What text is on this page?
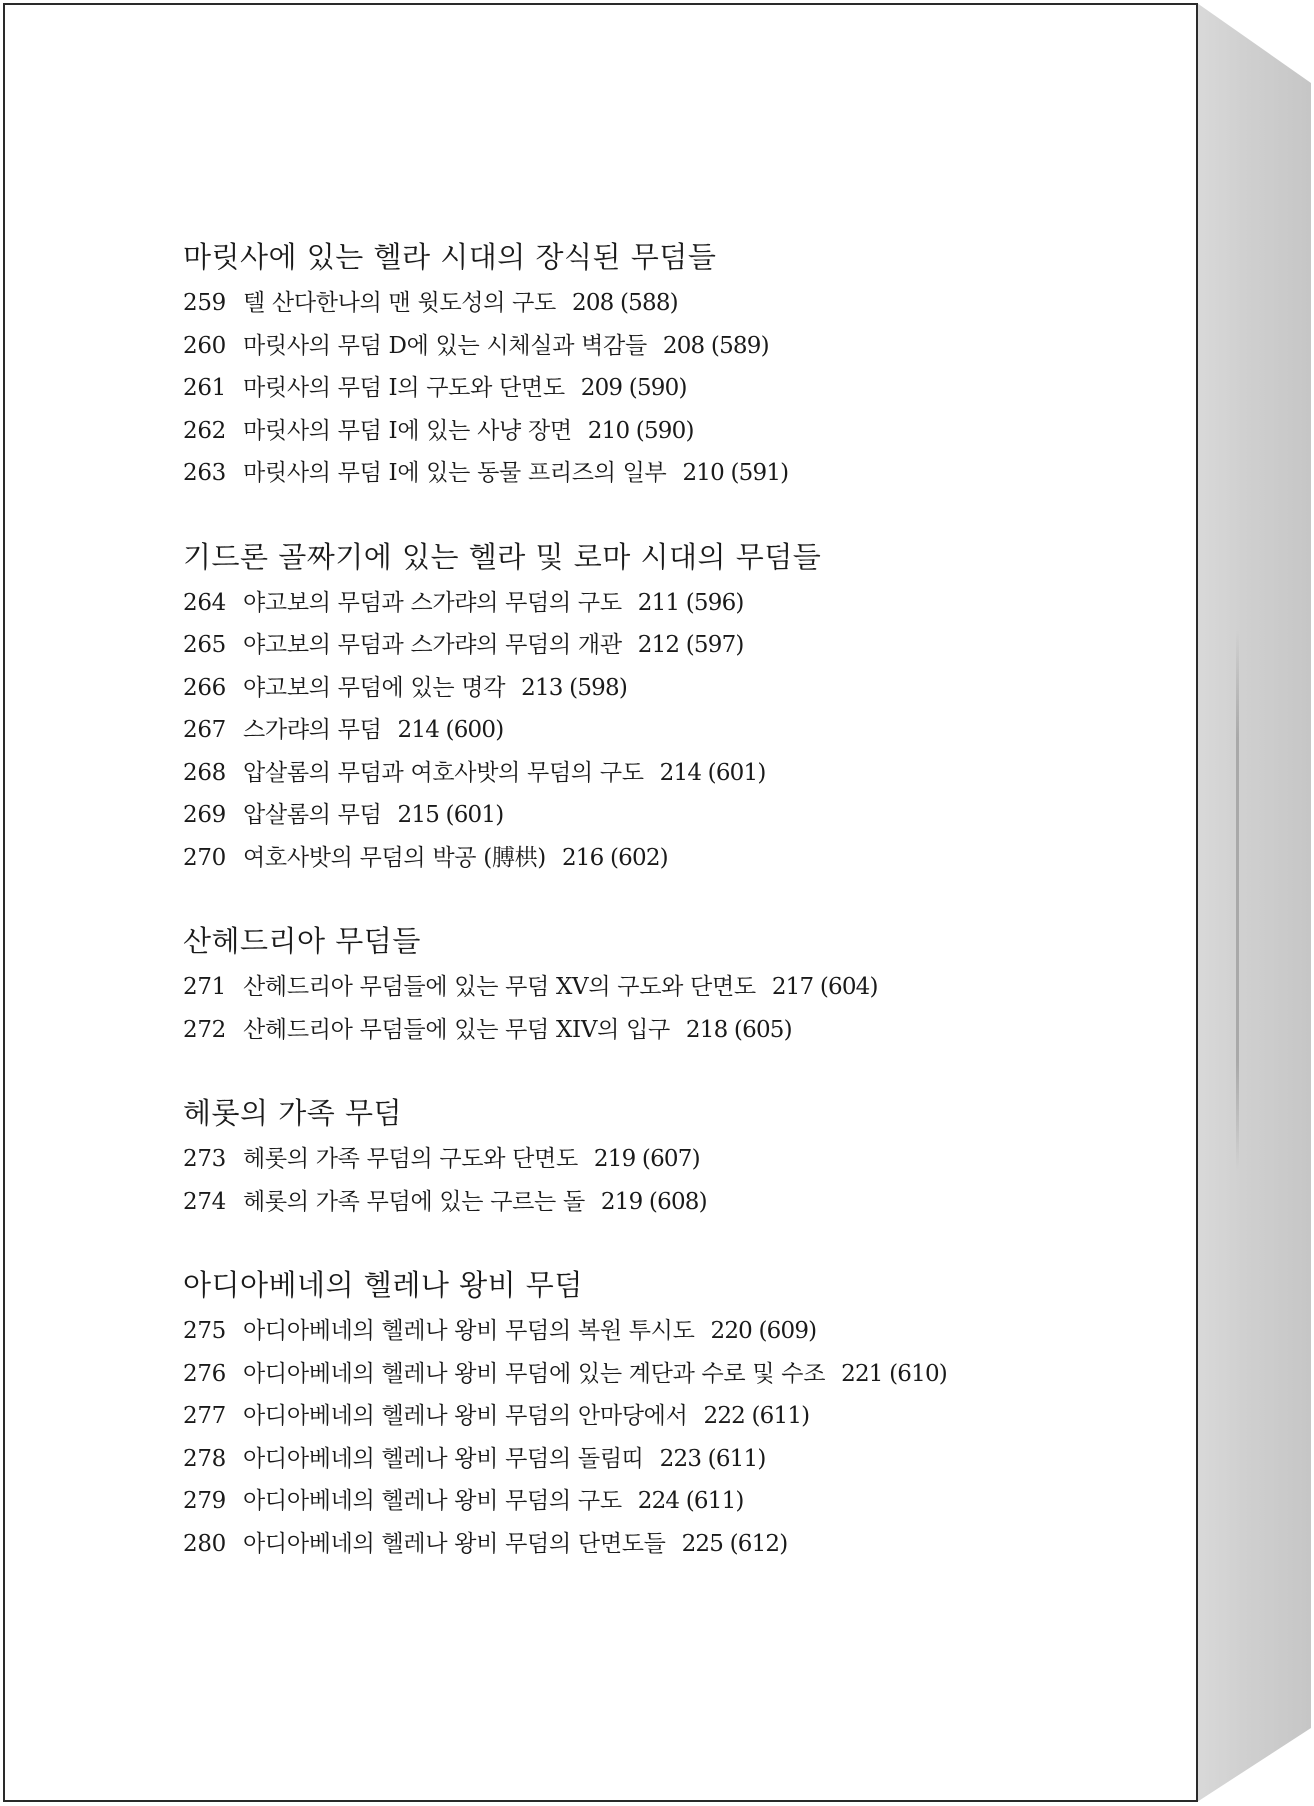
마릿사에 있는 헬라 시대의 장식된 무덤들
259 텔 산다한나의 맨 윗도성의 구도 208 (588)
260 마릿사의 무덤 D에 있는 시체실과 벽감들 208 (589)
261 마릿사의 무덤 I의 구도와 단면도 209 (590)
262 마릿사의 무덤 I에 있는 사냥 장면 210 (590)
263 마릿사의 무덤 I에 있는 동물 프리즈의 일부 210 (591)
기드론 골짜기에 있는 헬라 및 로마 시대의 무덤들
264 야고보의 무덤과 스가랴의 무덤의 구도 211 (596)
265 야고보의 무덤과 스가랴의 무덤의 개관 212 (597)
266 야고보의 무덤에 있는 명각 213 (598)
267 스가랴의 무덤 214 (600)
268 압살롬의 무덤과 여호사밧의 무덤의 구도 214 (601)
269 압살롬의 무덤 215 (601)
270 여호사밧의 무덤의 박공 (膊栱) 216 (602)
산헤드리아 무덤들
271 산헤드리아 무덤들에 있는 무덤 XV의 구도와 단면도 217 (604)
272 산헤드리아 무덤들에 있는 무덤 XIV의 입구 218 (605)
헤롯의 가족 무덤
273 헤롯의 가족 무덤의 구도와 단면도 219 (607)
274 헤롯의 가족 무덤에 있는 구르는 돌 219 (608)
아디아베네의 헬레나 왕비 무덤
275 아디아베네의 헬레나 왕비 무덤의 복원 투시도 220 (609)
276 아디아베네의 헬레나 왕비 무덤에 있는 계단과 수로 및 수조 221 (610)
277 아디아베네의 헬레나 왕비 무덤의 안마당에서 222 (611)
278 아디아베네의 헬레나 왕비 무덤의 돌림띠 223 (611)
279 아디아베네의 헬레나 왕비 무덤의 구도 224 (611)
280 아디아베네의 헬레나 왕비 무덤의 단면도들 225 (612)
